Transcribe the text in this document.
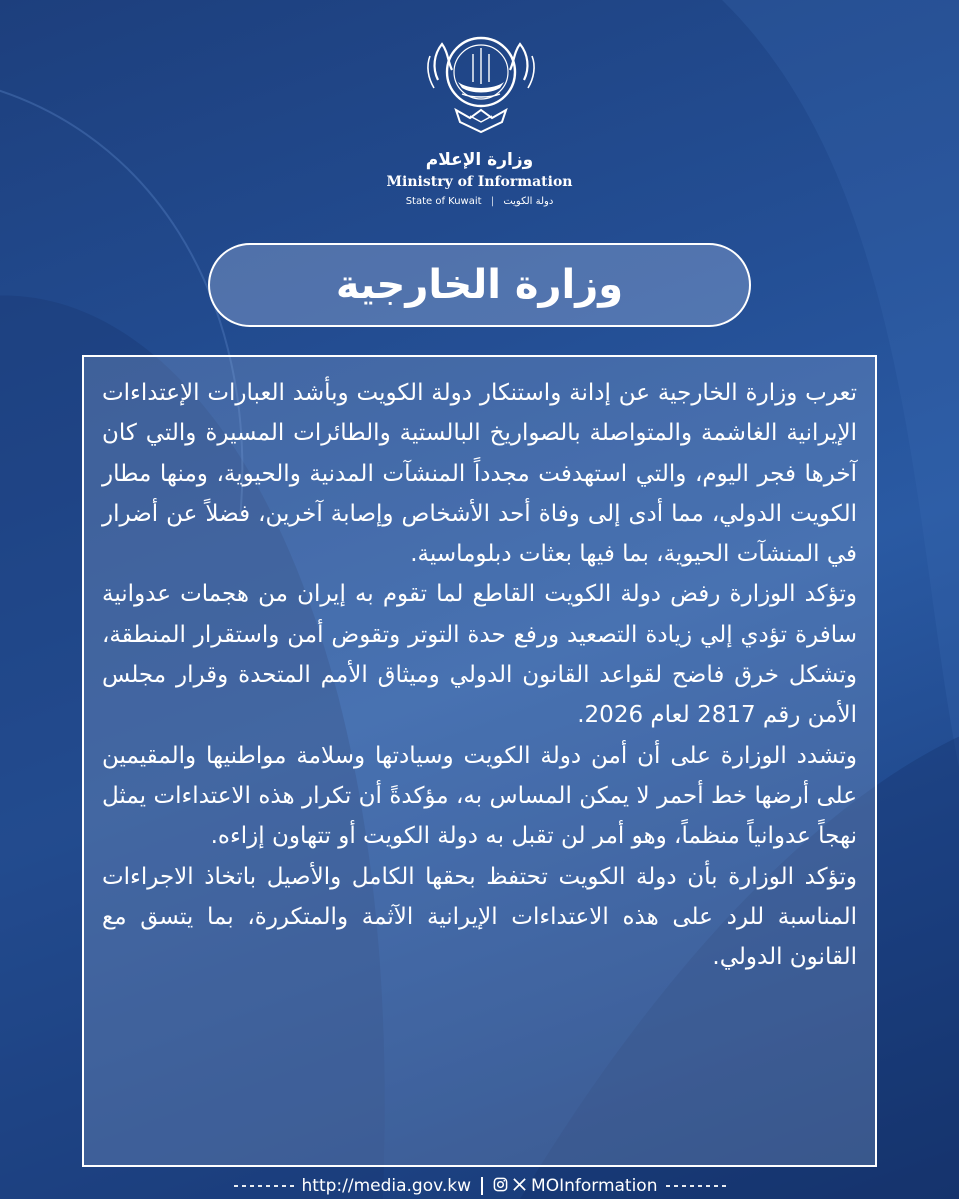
وزارة الإعلام
Ministry of Information
State of Kuwait | دولة الكويت
وزارة الخارجية

تعرب وزارة الخارجية عن إدانة واستنكار دولة الكويت وبأشد العبارات الإعتداءات الإيرانية الغاشمة والمتواصلة بالصواريخ البالستية والطائرات المسيرة والتي كان آخرها فجر اليوم، والتي استهدفت مجدداً المنشآت المدنية والحيوية، ومنها مطار الكويت الدولي، مما أدى إلى وفاة أحد الأشخاص وإصابة آخرين، فضلاً عن أضرار في المنشآت الحيوية، بما فيها بعثات دبلوماسية.

وتؤكد الوزارة رفض دولة الكويت القاطع لما تقوم به إيران من هجمات عدوانية سافرة تؤدي إلي زيادة التصعيد ورفع حدة التوتر وتقوض أمن واستقرار المنطقة، وتشكل خرق فاضح لقواعد القانون الدولي وميثاق الأمم المتحدة وقرار مجلس الأمن رقم 2817 لعام 2026.

وتشدد الوزارة على أن أمن دولة الكويت وسيادتها وسلامة مواطنيها والمقيمين على أرضها خط أحمر لا يمكن المساس به، مؤكدةً أن تكرار هذه الاعتداءات يمثل نهجاً عدوانياً منظماً، وهو أمر لن تقبل به دولة الكويت أو تتهاون إزاءه.

وتؤكد الوزارة بأن دولة الكويت تحتفظ بحقها الكامل والأصيل باتخاذ الاجراءات المناسبة للرد على هذه الاعتداءات الإيرانية الآثمة والمتكررة، بما يتسق مع القانون الدولي.

http://media.gov.kw	MOInformation
